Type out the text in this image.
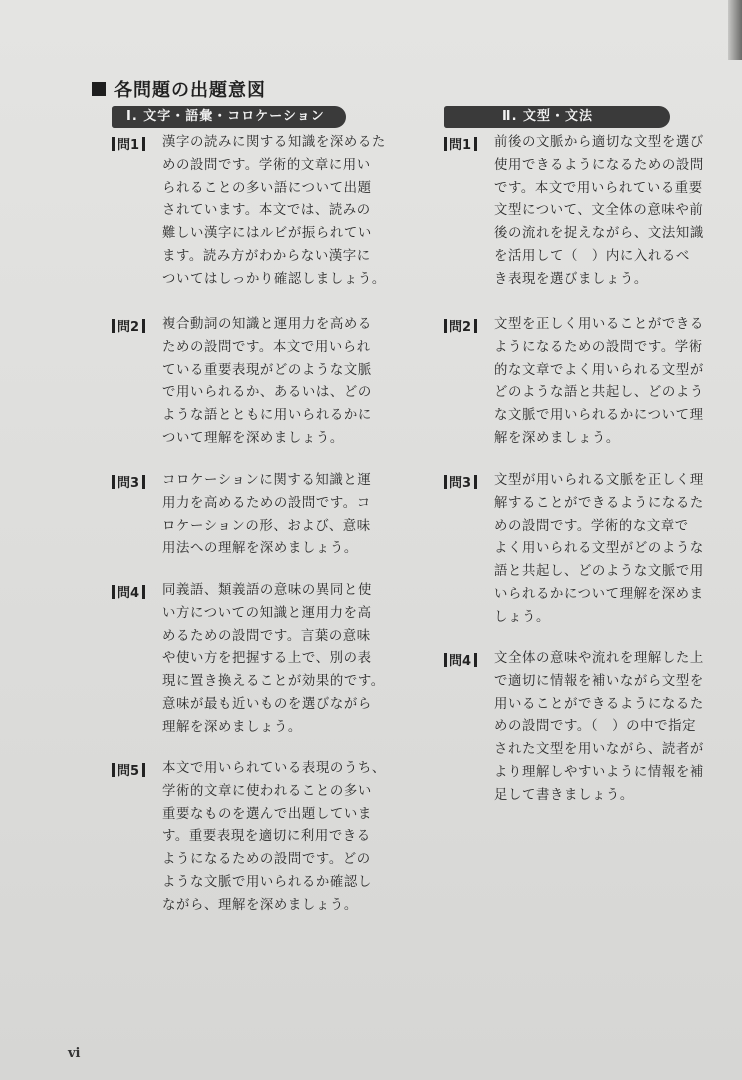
各問題の出題意図
Ⅰ. 文字・語彙・コロケーション
問1	漢字の読みに関する知識を深めるた
めの設問です。学術的文章に用い
られることの多い語について出題
されています。本文では、読みの
難しい漢字にはルビが振られてい
ます。読み方がわからない漢字に
ついてはしっかり確認しましょう。
問2	複合動詞の知識と運用力を高める
ための設問です。本文で用いられ
ている重要表現がどのような文脈
で用いられるか、あるいは、どの
ような語とともに用いられるかに
ついて理解を深めましょう。
問3	コロケーションに関する知識と運
用力を高めるための設問です。コ
ロケーションの形、および、意味
用法への理解を深めましょう。
問4	同義語、類義語の意味の異同と使
い方についての知識と運用力を高
めるための設問です。言葉の意味
や使い方を把握する上で、別の表
現に置き換えることが効果的です。
意味が最も近いものを選びながら
理解を深めましょう。
問5	本文で用いられている表現のうち、
学術的文章に使われることの多い
重要なものを選んで出題していま
す。重要表現を適切に利用できる
ようになるための設問です。どの
ような文脈で用いられるか確認し
ながら、理解を深めましょう。
Ⅱ. 文型・文法
問1	前後の文脈から適切な文型を選び
使用できるようになるための設問
です。本文で用いられている重要
文型について、文全体の意味や前
後の流れを捉えながら、文法知識
を活用して（　）内に入れるべ
き表現を選びましょう。
問2	文型を正しく用いることができる
ようになるための設問です。学術
的な文章でよく用いられる文型が
どのような語と共起し、どのよう
な文脈で用いられるかについて理
解を深めましょう。
問3	文型が用いられる文脈を正しく理
解することができるようになるた
めの設問です。学術的な文章で
よく用いられる文型がどのような
語と共起し、どのような文脈で用
いられるかについて理解を深めま
しょう。
問4	文全体の意味や流れを理解した上
で適切に情報を補いながら文型を
用いることができるようになるた
めの設問です。（　）の中で指定
された文型を用いながら、読者が
より理解しやすいように情報を補
足して書きましょう。
vi
